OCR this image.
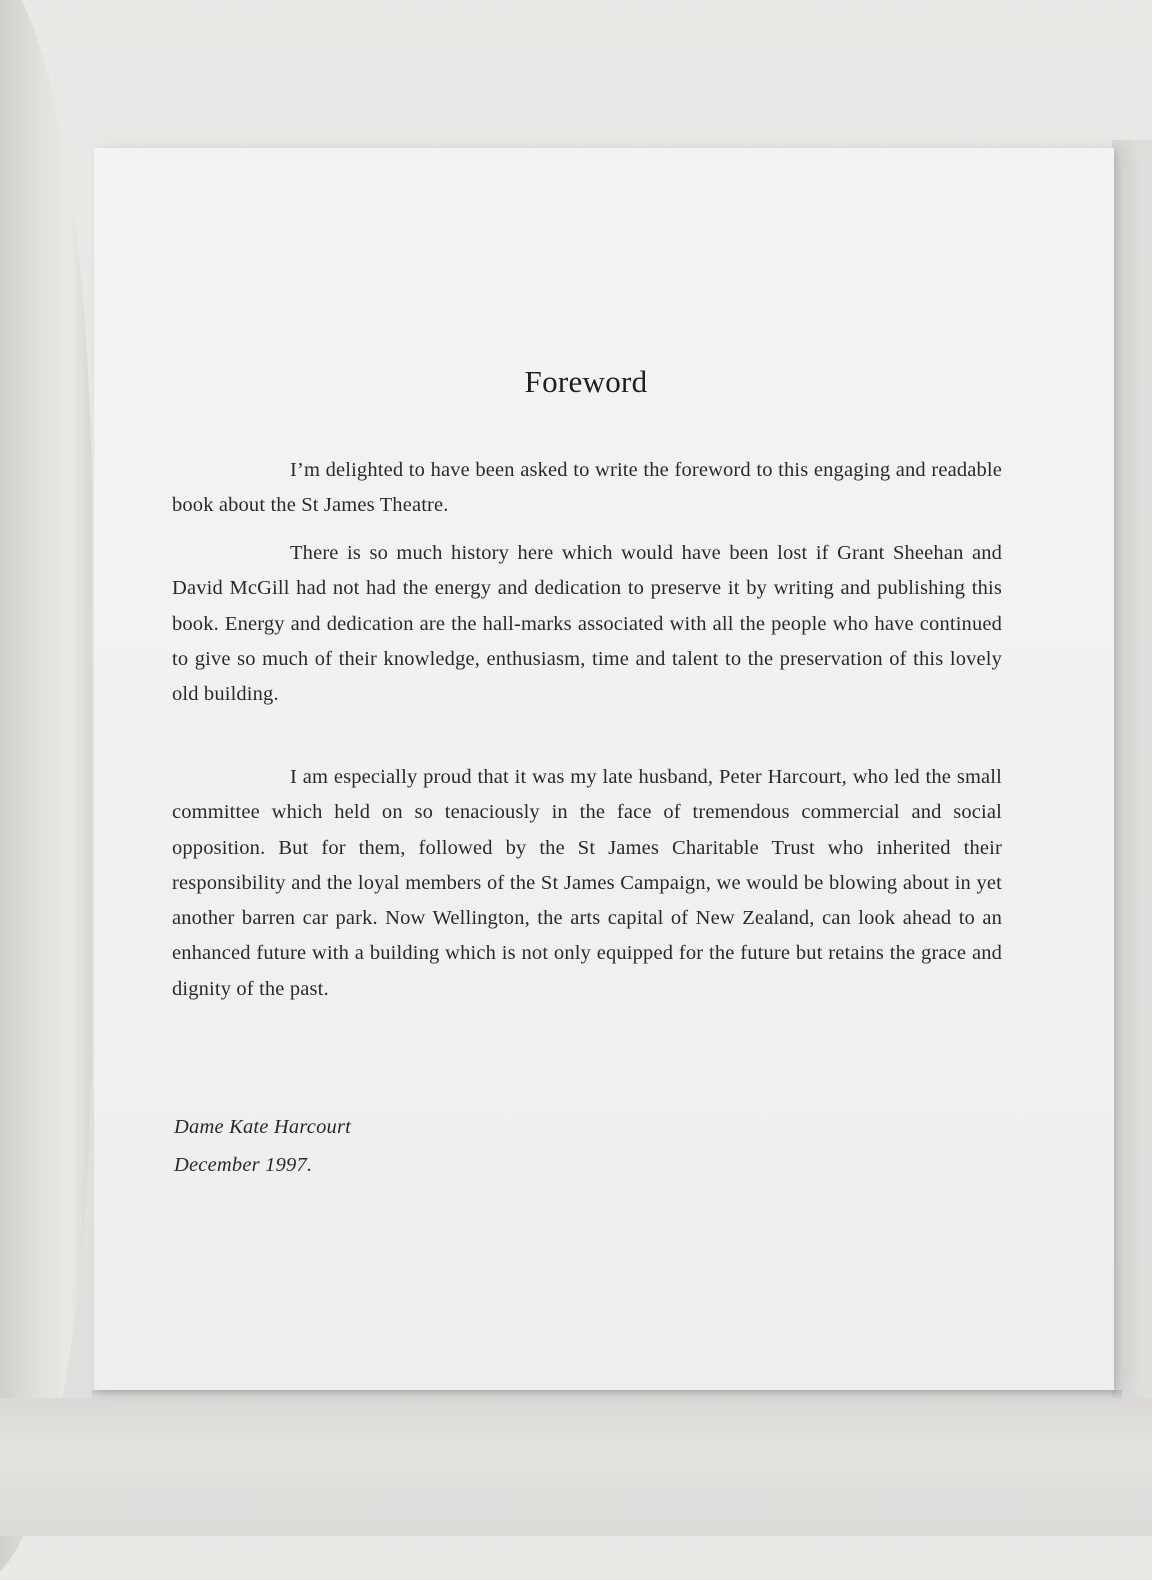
Foreword
I’m delighted to have been asked to write the foreword to this engaging and readable book about the St James Theatre.
There is so much history here which would have been lost if Grant Sheehan and David McGill had not had the energy and dedication to preserve it by writing and publishing this book. Energy and dedication are the hall-marks associated with all the people who have continued to give so much of their knowledge, enthusiasm, time and talent to the preservation of this lovely old building.
I am especially proud that it was my late husband, Peter Harcourt, who led the small committee which held on so tenaciously in the face of tremendous commercial and social opposition. But for them, followed by the St James Charitable Trust who inherited their responsibility and the loyal members of the St James Campaign, we would be blowing about in yet another barren car park. Now Wellington, the arts capital of New Zealand, can look ahead to an enhanced future with a building which is not only equipped for the future but retains the grace and dignity of the past.
Dame Kate Harcourt
December 1997.
